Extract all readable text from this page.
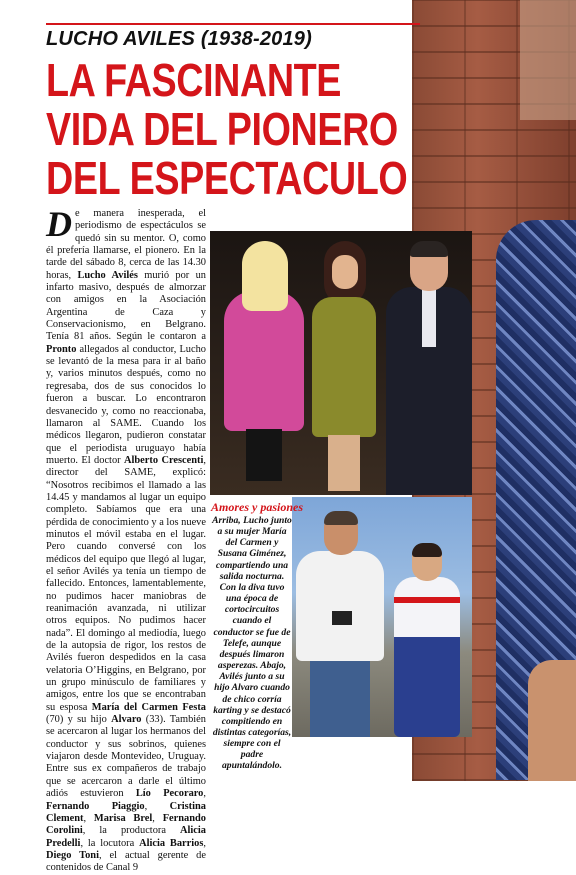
LUCHO AVILES (1938-2019)
LA FASCINANTE
VIDA DEL PIONERO
DEL ESPECTACULO
D e manera inesperada, el periodismo de espectáculos se quedó sin su mentor. O, como él prefería llamarse, el pionero. En la tarde del sábado 8, cerca de las 14.30 horas, Lucho Avilés murió por un infarto masivo, después de almorzar con amigos en la Asociación Argentina de Caza y Conservacionismo, en Belgrano. Tenía 81 años. Según le contaron a Pronto allegados al conductor, Lucho se levantó de la mesa para ir al baño y, varios minutos después, como no regresaba, dos de sus conocidos lo fueron a buscar. Lo encontraron desvanecido y, como no reaccionaba, llamaron al SAME. Cuando los médicos llegaron, pudieron constatar que el periodista uruguayo había muerto. El doctor Alberto Crescenti, director del SAME, explicó: “Nosotros recibimos el llamado a las 14.45 y mandamos al lugar un equipo completo. Sabíamos que era una pérdida de conocimiento y a los nueve minutos el móvil estaba en el lugar. Pero cuando conversé con los médicos del equipo que llegó al lugar, el señor Avilés ya tenía un tiempo de fallecido. Entonces, lamentablemente, no pudimos hacer maniobras de reanimación avanzada, ni utilizar otros equipos. No pudimos hacer nada”. El domingo al mediodía, luego de la autopsia de rigor, los restos de Avilés fueron despedidos en la casa velatoria O’Higgins, en Belgrano, por un grupo minúsculo de familiares y amigos, entre los que se encontraban su esposa María del Carmen Festa (70) y su hijo Alvaro (33). También se acercaron al lugar los hermanos del conductor y sus sobrinos, quienes viajaron desde Montevideo, Uruguay. Entre sus ex compañeros de trabajo que se acercaron a darle el último adiós estuvieron Lío Pecoraro, Fernando Piaggio, Cristina Clement, Marisa Brel, Fernando Corolini, la productora Alicia Predelli, la locutora Alicia Barrios, Diego Toni, el actual gerente de contenidos de Canal 9
Amores y pasiones
Arriba, Lucho junto a su mujer María del Carmen y Susana Giménez, compartiendo una salida nocturna. Con la diva tuvo una época de cortocircuitos cuando el conductor se fue de Telefe, aunque después limaron asperezas. Abajo, Avilés junto a su hijo Alvaro cuando de chico corría karting y se destacó compitiendo en distintas categorías, siempre con el padre apuntalándolo.
